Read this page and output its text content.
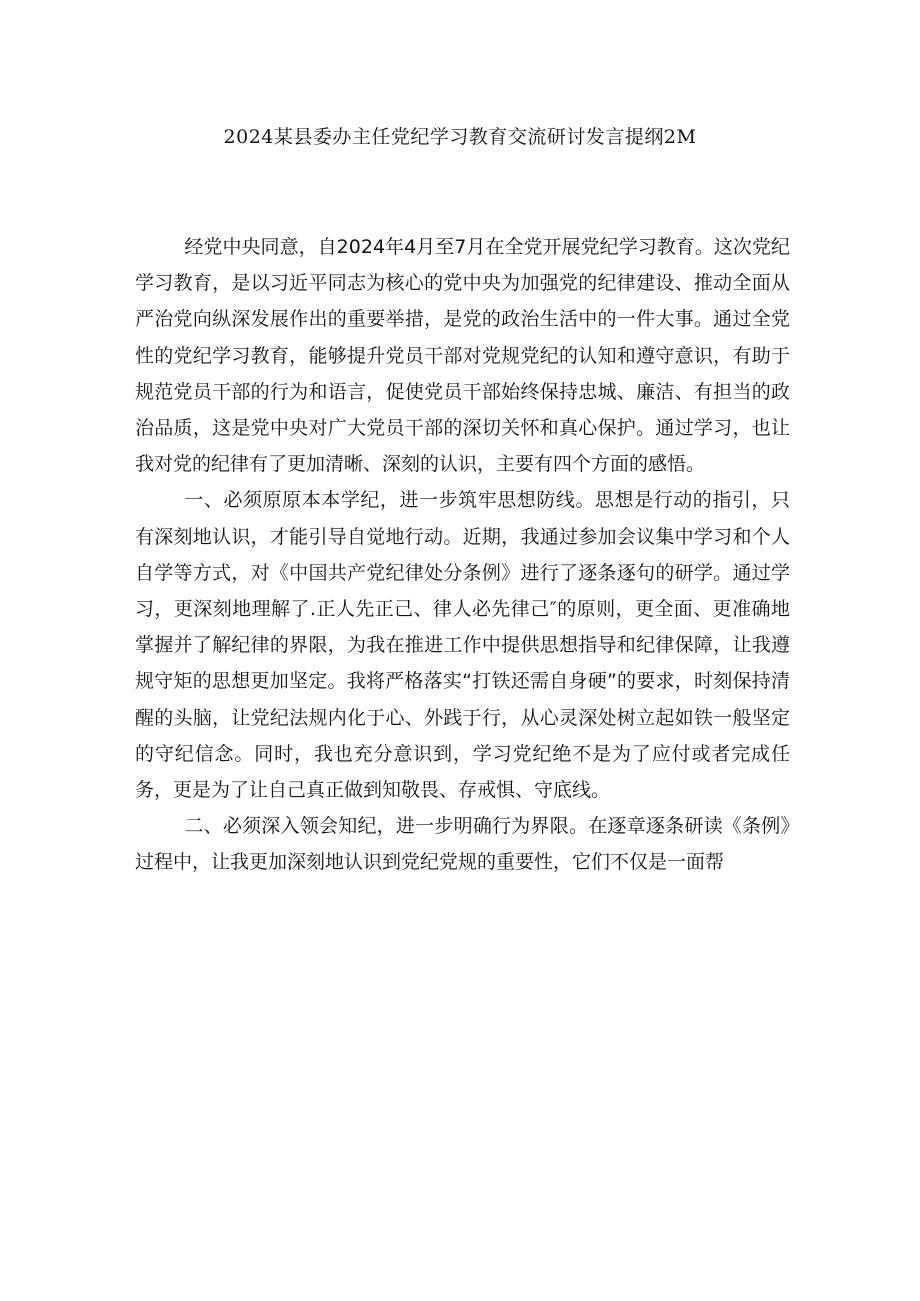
2024某县委办主任党纪学习教育交流研讨发言提纲2M

经党中央同意，自2024年4月至7月在全党开展党纪学习教育。这次党纪学习教育，是以习近平同志为核心的党中央为加强党的纪律建设、推动全面从严治党向纵深发展作出的重要举措，是党的政治生活中的一件大事。通过全党性的党纪学习教育，能够提升党员干部对党规党纪的认知和遵守意识，有助于规范党员干部的行为和语言，促使党员干部始终保持忠城、廉洁、有担当的政治品质，这是党中央对广大党员干部的深切关怀和真心保护。通过学习，也让我对党的纪律有了更加清晰、深刻的认识，主要有四个方面的感悟。

一、必须原原本本学纪，进一步筑牢思想防线。思想是行动的指引，只有深刻地认识，才能引导自觉地行动。近期，我通过参加会议集中学习和个人自学等方式，对《中国共产党纪律处分条例》进行了逐条逐句的研学。通过学习，更深刻地理解了.正人先正己、律人必先律己″的原则，更全面、更准确地掌握并了解纪律的界限，为我在推进工作中提供思想指导和纪律保障，让我遵规守矩的思想更加坚定。我将严格落实“打铁还需自身硬”的要求，时刻保持清醒的头脑，让党纪法规内化于心、外践于行，从心灵深处树立起如铁一般坚定的守纪信念。同时，我也充分意识到，学习党纪绝不是为了应付或者完成任务，更是为了让自己真正做到知敬畏、存戒惧、守底线。

二、必须深入领会知纪，进一步明确行为界限。在逐章逐条研读《条例》过程中，让我更加深刻地认识到党纪党规的重要性，它们不仅是一面帮
